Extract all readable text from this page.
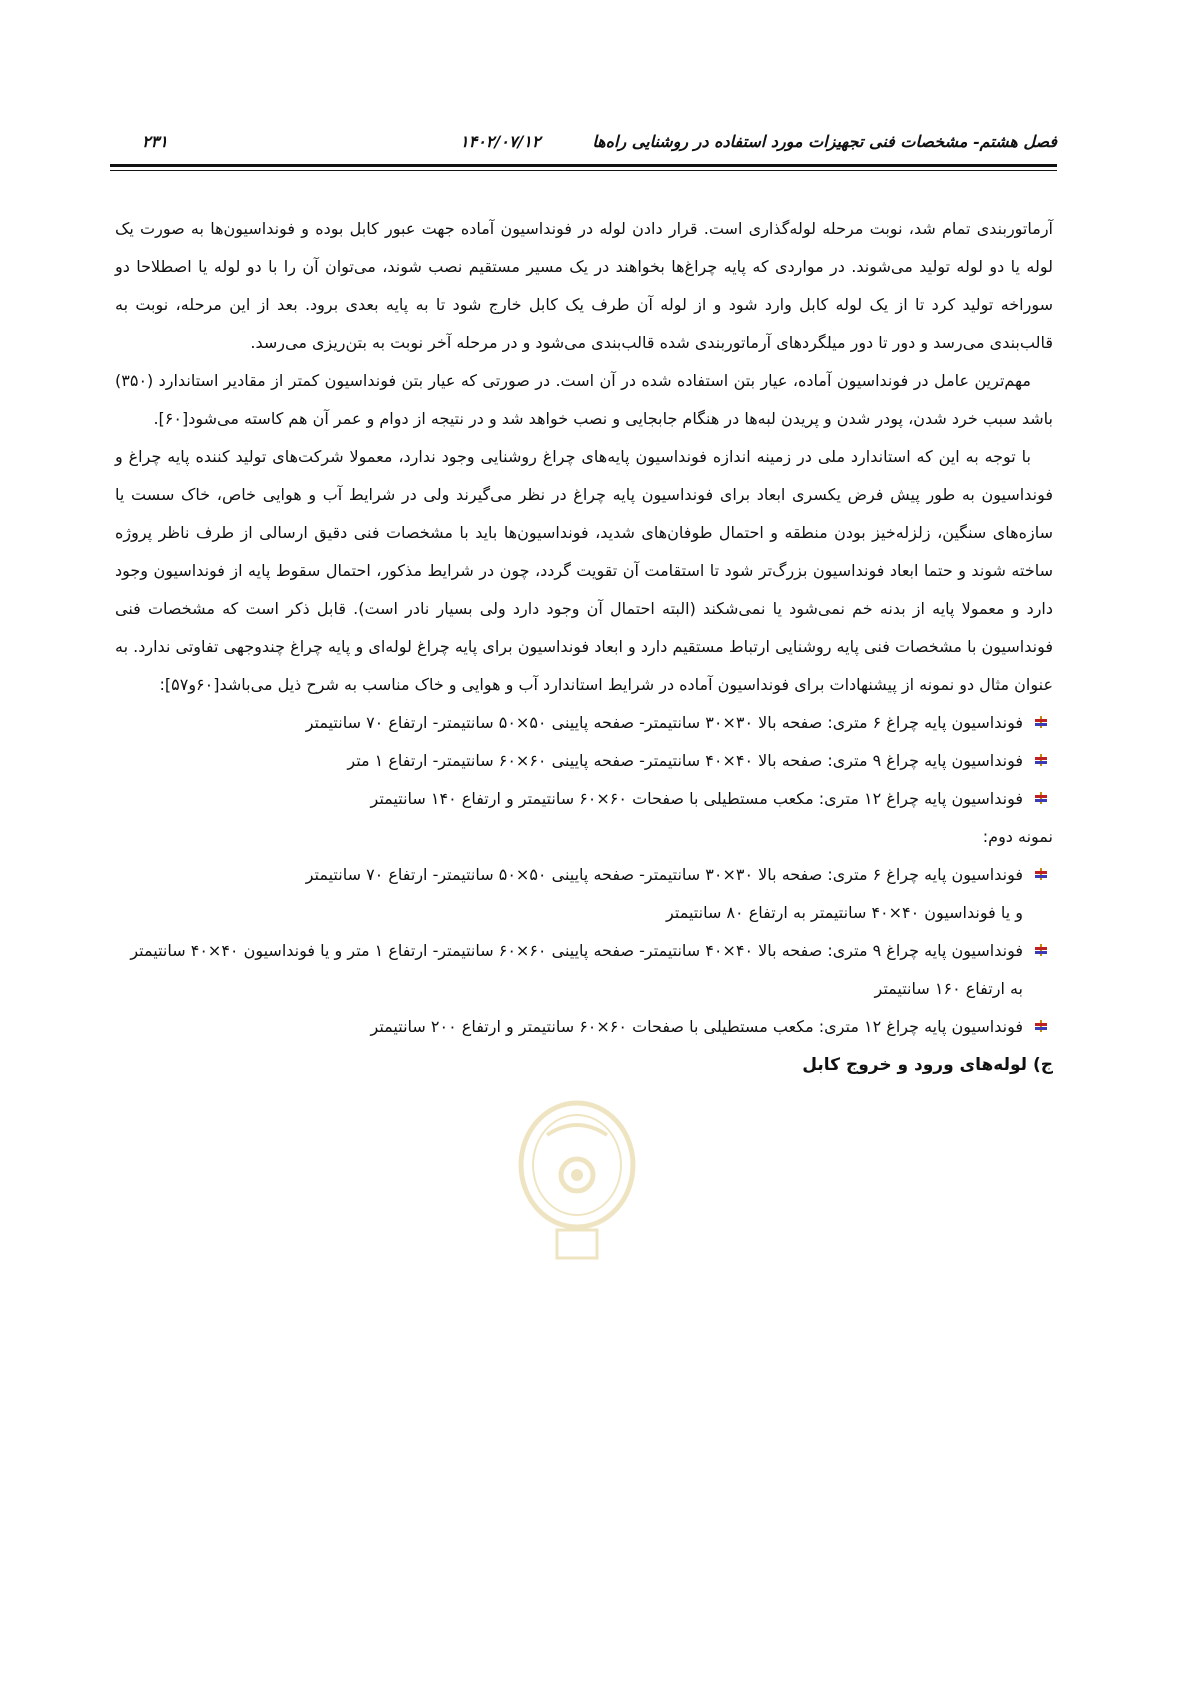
فصل هشتم- مشخصات فنی تجهیزات مورد استفاده در روشنایی راه‌ها
۱۴۰۲/۰۷/۱۲
۲۳۱

آرماتوربندی تمام شد، نوبت مرحله لوله‌گذاری است. قرار دادن لوله در فونداسیون آماده جهت عبور کابل بوده و فونداسیون‌ها به صورت یک لوله یا دو لوله تولید می‌شوند. در مواردی که پایه چراغ‌ها بخواهند در یک مسیر مستقیم نصب شوند، می‌توان آن را با دو لوله یا اصطلاحا دو سوراخه تولید کرد تا از یک لوله کابل وارد شود و از لوله آن طرف یک کابل خارج شود تا به پایه بعدی برود. بعد از این مرحله، نوبت به قالب‌بندی می‌رسد و دور تا دور میلگردهای آرماتوربندی شده قالب‌بندی می‌شود و در مرحله آخر نوبت به بتن‌ریزی می‌رسد.

مهم‌ترین عامل در فونداسیون آماده، عیار بتن استفاده شده در آن است. در صورتی که عیار بتن فونداسیون کمتر از مقادیر استاندارد (۳۵۰) باشد سبب خرد شدن، پودر شدن و پریدن لبه‌ها در هنگام جابجایی و نصب خواهد شد و در نتیجه از دوام و عمر آن هم کاسته می‌شود[۶۰].

با توجه به این که استاندارد ملی در زمینه اندازه فونداسیون پایه‌های چراغ روشنایی وجود ندارد، معمولا شرکت‌های تولید کننده پایه چراغ و فونداسیون به طور پیش فرض یکسری ابعاد برای فونداسیون پایه چراغ در نظر می‌گیرند ولی در شرایط آب و هوایی خاص، خاک سست یا سازه‌های سنگین، زلزله‌خیز بودن منطقه و احتمال طوفان‌های شدید، فونداسیون‌ها باید با مشخصات فنی دقیق ارسالی از طرف ناظر پروژه ساخته شوند و حتما ابعاد فونداسیون بزرگ‌تر شود تا استقامت آن تقویت گردد، چون در شرایط مذکور، احتمال سقوط پایه از فونداسیون وجود دارد و معمولا پایه از بدنه خم نمی‌شود یا نمی‌شکند (البته احتمال آن وجود دارد ولی بسیار نادر است). قابل ذکر است که مشخصات فنی فونداسیون با مشخصات فنی پایه روشنایی ارتباط مستقیم دارد و ابعاد فونداسیون برای پایه چراغ لوله‌ای و پایه چراغ چندوجهی تفاوتی ندارد. به عنوان مثال دو نمونه از پیشنهادات برای فونداسیون آماده در شرایط استاندارد آب و هوایی و خاک مناسب به شرح ذیل می‌باشد[۶۰و۵۷]:

فونداسیون پایه چراغ ۶ متری: صفحه بالا ۳۰×۳۰ سانتیمتر- صفحه پایینی ۵۰×۵۰ سانتیمتر- ارتفاع ۷۰ سانتیمتر

فونداسیون پایه چراغ ۹ متری: صفحه بالا ۴۰×۴۰ سانتیمتر- صفحه پایینی ۶۰×۶۰ سانتیمتر- ارتفاع ۱ متر

فونداسیون پایه چراغ ۱۲ متری: مکعب مستطیلی با صفحات ۶۰×۶۰ سانتیمتر و ارتفاع ۱۴۰ سانتیمتر

نمونه دوم:

فونداسیون پایه چراغ ۶ متری: صفحه بالا ۳۰×۳۰ سانتیمتر- صفحه پایینی ۵۰×۵۰ سانتیمتر- ارتفاع ۷۰ سانتیمتر
و یا فونداسیون ۴۰×۴۰ سانتیمتر به ارتفاع ۸۰ سانتیمتر

فونداسیون پایه چراغ ۹ متری: صفحه بالا ۴۰×۴۰ سانتیمتر- صفحه پایینی ۶۰×۶۰ سانتیمتر- ارتفاع ۱ متر و یا فونداسیون ۴۰×۴۰ سانتیمتر به ارتفاع ۱۶۰ سانتیمتر

فونداسیون پایه چراغ ۱۲ متری: مکعب مستطیلی با صفحات ۶۰×۶۰ سانتیمتر و ارتفاع ۲۰۰ سانتیمتر

ج) لوله‌های ورود و خروج کابل
